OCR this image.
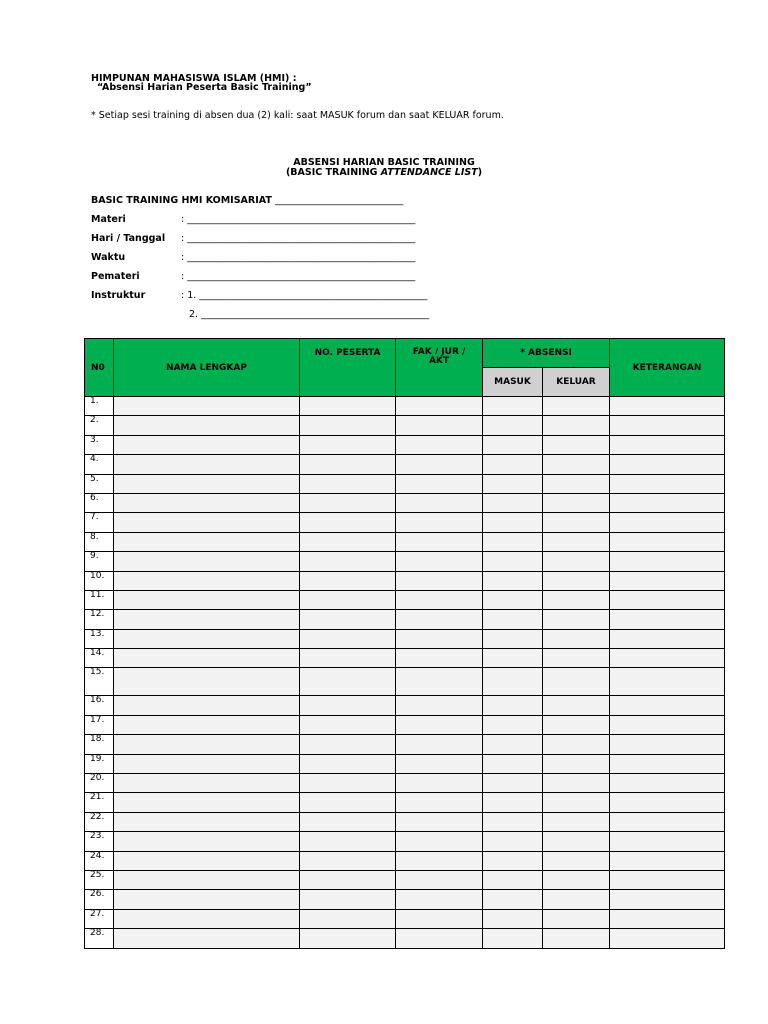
HIMPUNAN MAHASISWA ISLAM (HMI) :
“Absensi Harian Peserta Basic Training”
* Setiap sesi training di absen dua (2) kali: saat MASUK forum dan saat KELUAR forum.
ABSENSI HARIAN BASIC TRAINING
(BASIC TRAINING ATTENDANCE LIST)
BASIC TRAINING HMI KOMISARIAT ___________________________
Materi	: ________________________________________________
Hari / Tanggal : ________________________________________________
Waktu	: ________________________________________________
Pemateri	: ________________________________________________
Instruktur	: 1. ________________________________________________
2. ________________________________________________
N0	NAMA LENGKAP	NO. PESERTA	FAK / JUR / AKT	* ABSENSI		KETERANGAN
				MASUK	KELUAR	
1.						
2.						
3.						
4.						
5.						
6.						
7.						
8.						
9.						
10.						
11.						
12.						
13.						
14.						
15.						
16.						
17.						
18.						
19.						
20.						
21.						
22.						
23.						
24.						
25.						
26.						
27.						
28.						
